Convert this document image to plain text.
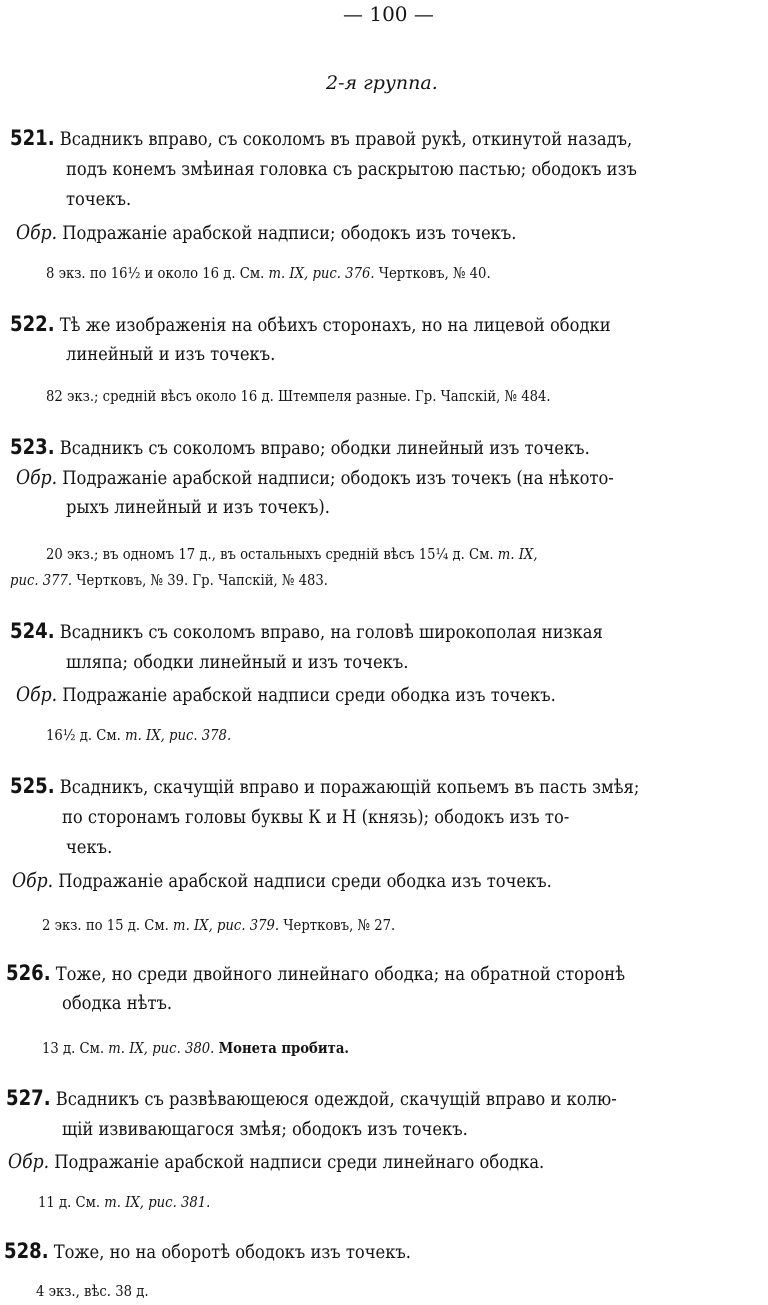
— 100 —
2-я группа.
521. Всадникъ вправо, съ соколомъ въ правой рукѣ, откинутой назадъ,
подъ конемъ змѣиная головка съ раскрытою пастью; ободокъ изъ
точекъ.
Обр. Подражаніе арабской надписи; ободокъ изъ точекъ.
8 экз. по 16½ и около 16 д. См. т. IX, рис. 376. Чертковъ, № 40.
522. Тѣ же изображенія на обѣихъ сторонахъ, но на лицевой ободки
линейный и изъ точекъ.
82 экз.; средній вѣсъ около 16 д. Штемпеля разные. Гр. Чапскій, № 484.
523. Всадникъ съ соколомъ вправо; ободки линейный изъ точекъ.
Обр. Подражаніе арабской надписи; ободокъ изъ точекъ (на нѣкото-
рыхъ линейный и изъ точекъ).
20 экз.; въ одномъ 17 д., въ остальныхъ средній вѣсъ 15¼ д. См. т. IX,
рис. 377. Чертковъ, № 39. Гр. Чапскій, № 483.
524. Всадникъ съ соколомъ вправо, на головѣ широкополая низкая
шляпа; ободки линейный и изъ точекъ.
Обр. Подражаніе арабской надписи среди ободка изъ точекъ.
16½ д. См. т. IX, рис. 378.
525. Всадникъ, скачущій вправо и поражающій копьемъ въ пасть змѣя;
по сторонамъ головы буквы К и Н (князь); ободокъ изъ то-
чекъ.
Обр. Подражаніе арабской надписи среди ободка изъ точекъ.
2 экз. по 15 д. См. т. IX, рис. 379. Чертковъ, № 27.
526. Тоже, но среди двойного линейнаго ободка; на обратной сторонѣ
ободка нѣтъ.
13 д. См. т. IX, рис. 380. Монета пробита.
527. Всадникъ съ развѣвающеюся одеждой, скачущій вправо и колю-
щій извивающагося змѣя; ободокъ изъ точекъ.
Обр. Подражаніе арабской надписи среди линейнаго ободка.
11 д. См. т. IX, рис. 381.
528. Тоже, но на оборотѣ ободокъ изъ точекъ.
4 экз., вѣс. 38 д.
